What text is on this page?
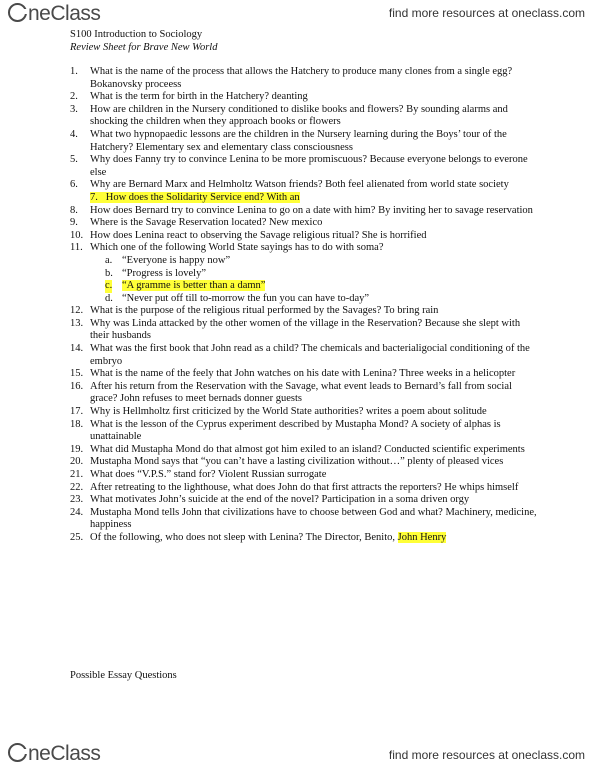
neClass	find more resources at oneclass.com
S100 Introduction to Sociology
Review Sheet for Brave New World
1.	What is the name of the process that allows the Hatchery to produce many clones from a single egg? Bokanovsky proceess
2.	What is the term for birth in the Hatchery? deanting
3.	How are children in the Nursery conditioned to dislike books and flowers? By sounding alarms and shocking the children when they approach books or flowers
4.	What two hypnopaedic lessons are the children in the Nursery learning during the Boys’ tour of the Hatchery? Elementary sex and elementary class consciousness
5.	Why does Fanny try to convince Lenina to be more promiscuous? Because everyone belongs to everone else
6.	Why are Bernard Marx and Helmholtz Watson friends? Both feel alienated from world state society
7. How does the Solidarity Service end? With an
8.	How does Bernard try to convince Lenina to go on a date with him? By inviting her to savage reservation
9.	Where is the Savage Reservation located? New mexico
10. How does Lenina react to observing the Savage religious ritual? She is horrified
11. Which one of the following World State sayings has to do with soma?
a. “Everyone is happy now”
b. “Progress is lovely”
c. “A gramme is better than a damn”
d. “Never put off till to-morrow the fun you can have to-day”
12. What is the purpose of the religious ritual performed by the Savages? To bring rain
13. Why was Linda attacked by the other women of the village in the Reservation? Because she slept with their husbands
14. What was the first book that John read as a child? The chemicals and bacterialigocial conditioning of the embryo
15. What is the name of the feely that John watches on his date with Lenina? Three weeks in a helicopter
16. After his return from the Reservation with the Savage, what event leads to Bernard’s fall from social grace? John refuses to meet bernads donner guests
17. Why is Hellmholtz first criticized by the World State authorities? writes a poem about solitude
18. What is the lesson of the Cyprus experiment described by Mustapha Mond? A society of alphas is unattainable
19. What did Mustapha Mond do that almost got him exiled to an island? Conducted scientific experiments
20. Mustapha Mond says that “you can’t have a lasting civilization without…” plenty of pleased vices
21. What does “V.P.S.” stand for? Violent Russian surrogate
22. After retreating to the lighthouse, what does John do that first attracts the reporters? He whips himself
23. What motivates John’s suicide at the end of the novel? Participation in a soma driven orgy
24. Mustapha Mond tells John that civilizations have to choose between God and what? Machinery, medicine, happiness
25. Of the following, who does not sleep with Lenina? The Director, Benito, John Henry
Possible Essay Questions
neClass	find more resources at oneclass.com
